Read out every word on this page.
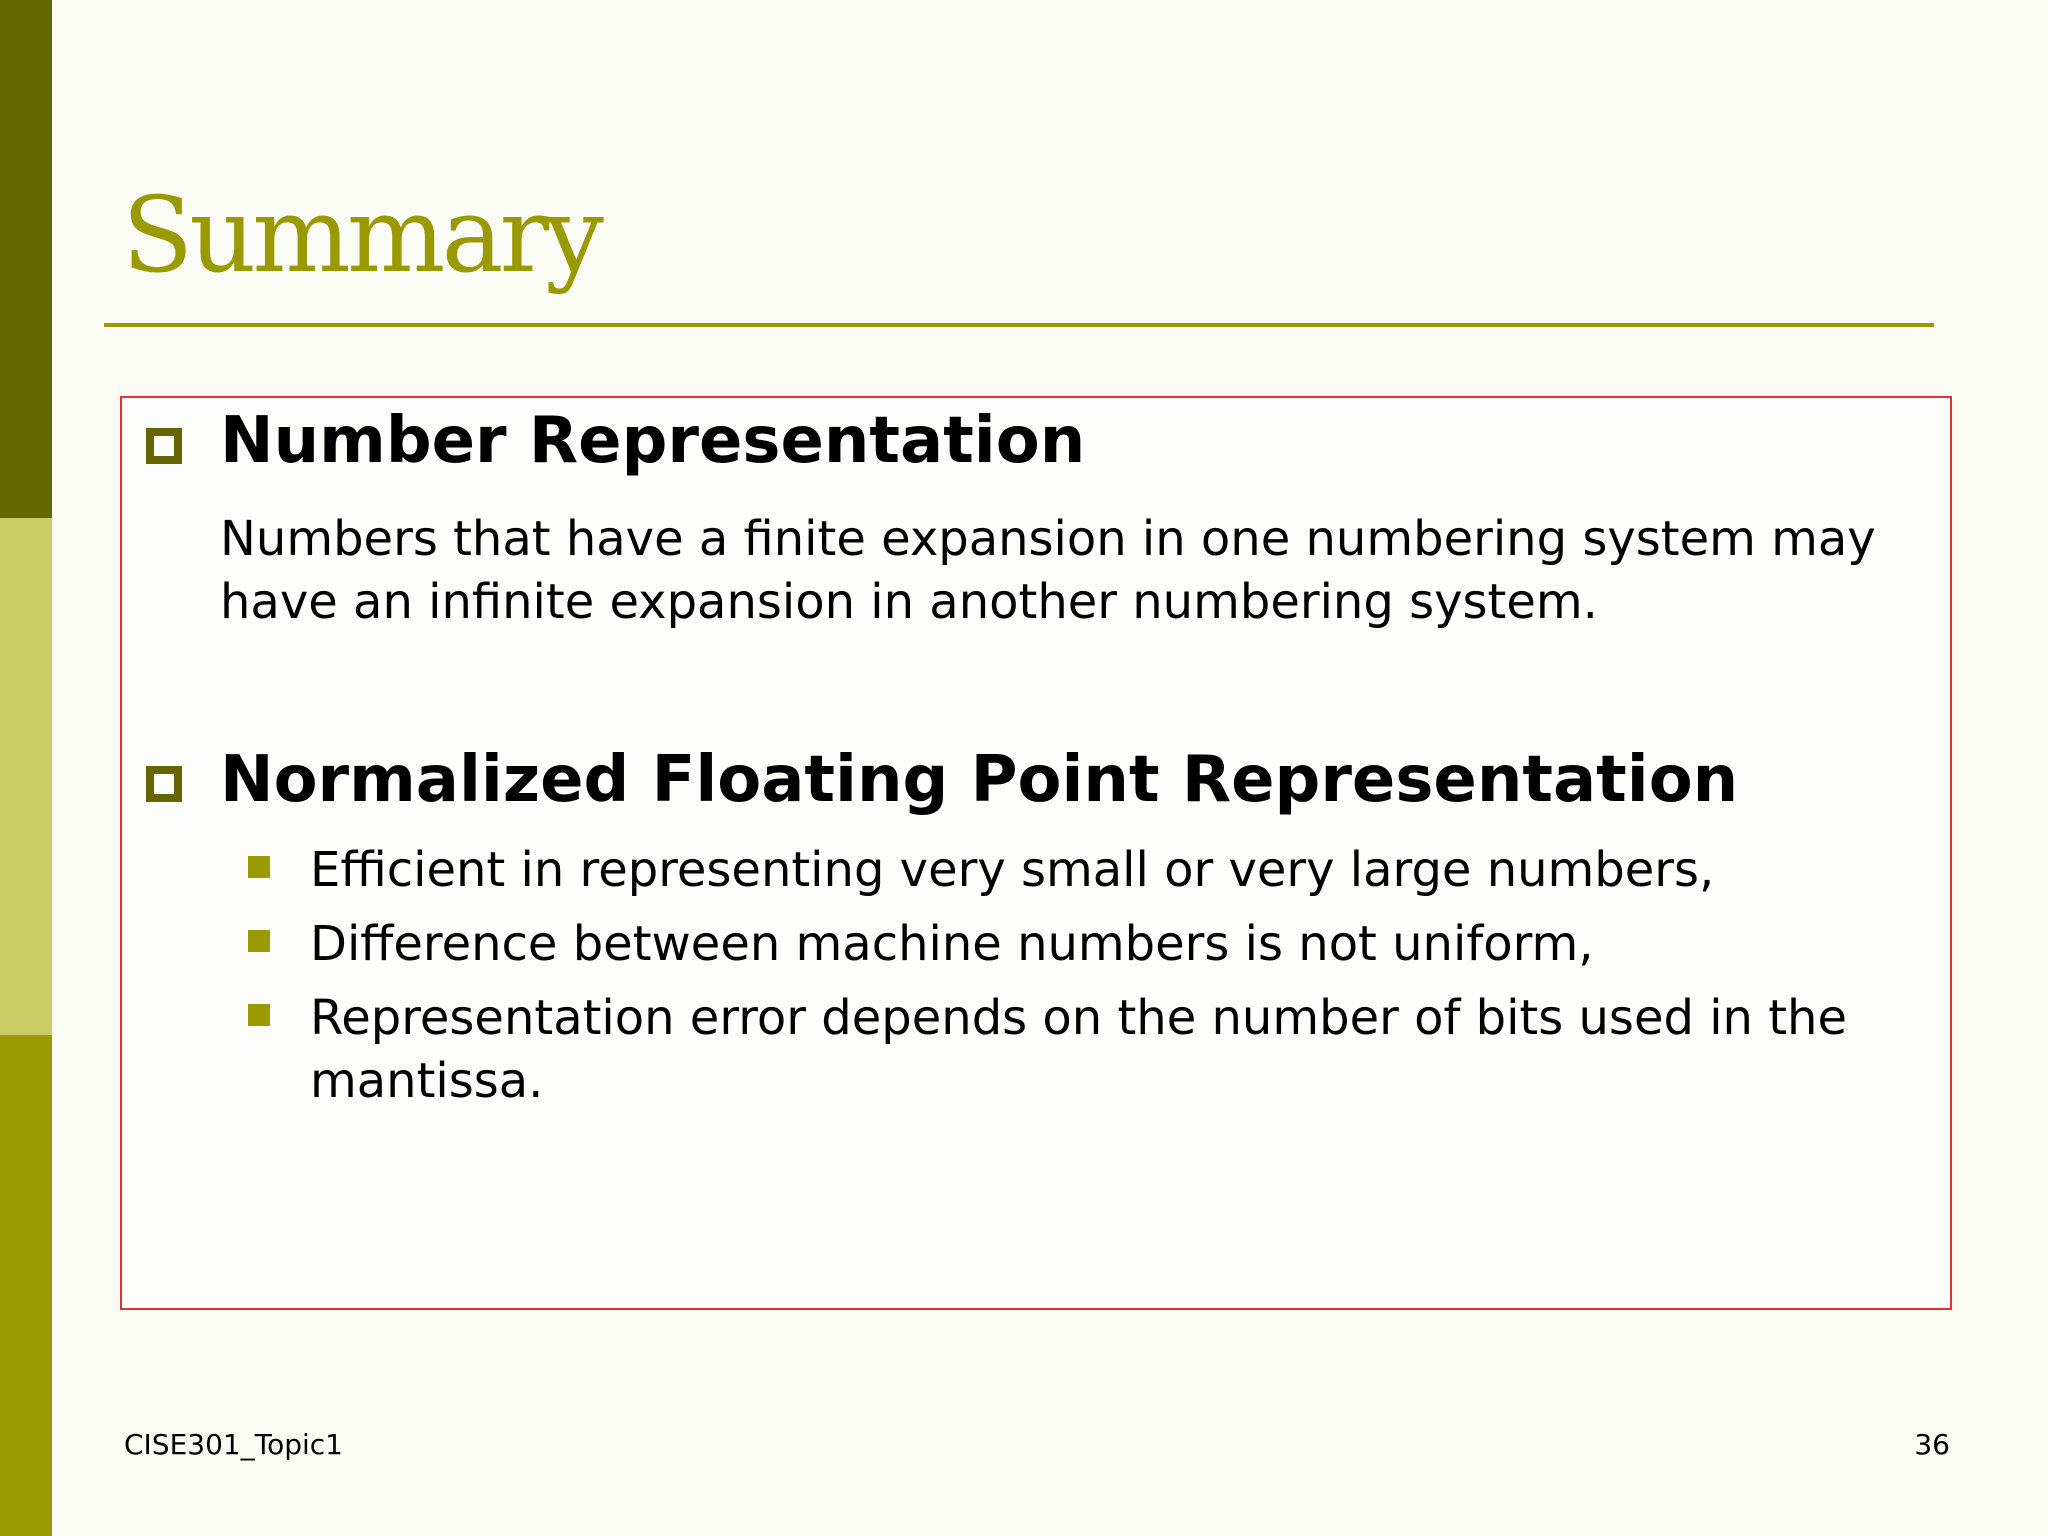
Summary
Number Representation

Numbers that have a finite expansion in one numbering system may have an infinite expansion in another numbering system.

Normalized Floating Point Representation

Efficient in representing very small or very large numbers,

Difference between machine numbers is not uniform,

Representation error depends on the number of bits used in the mantissa.

CISE301_Topic1	36
